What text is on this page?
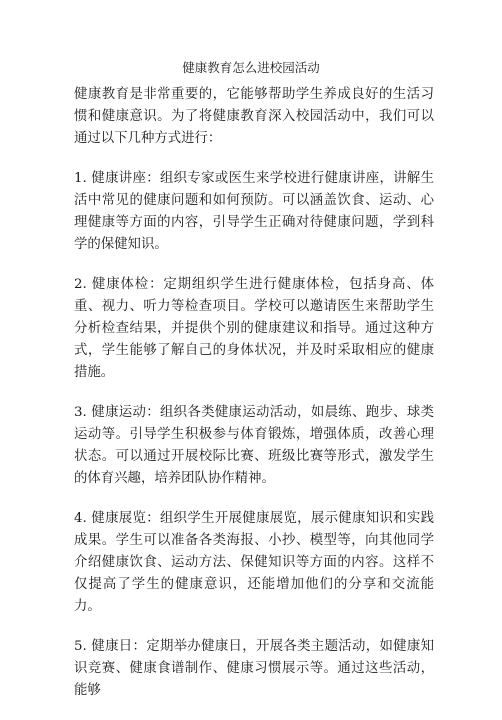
健康教育怎么进校园活动

健康教育是非常重要的，它能够帮助学生养成良好的生活习惯和健康意识。为了将健康教育深入校园活动中，我们可以通过以下几种方式进行：

1. 健康讲座：组织专家或医生来学校进行健康讲座，讲解生活中常见的健康问题和如何预防。可以涵盖饮食、运动、心理健康等方面的内容，引导学生正确对待健康问题，学到科学的保健知识。

2. 健康体检：定期组织学生进行健康体检，包括身高、体重、视力、听力等检查项目。学校可以邀请医生来帮助学生分析检查结果，并提供个别的健康建议和指导。通过这种方式，学生能够了解自己的身体状况，并及时采取相应的健康措施。

3. 健康运动：组织各类健康运动活动，如晨练、跑步、球类运动等。引导学生积极参与体育锻炼，增强体质，改善心理状态。可以通过开展校际比赛、班级比赛等形式，激发学生的体育兴趣，培养团队协作精神。

4. 健康展览：组织学生开展健康展览，展示健康知识和实践成果。学生可以准备各类海报、小抄、模型等，向其他同学介绍健康饮食、运动方法、保健知识等方面的内容。这样不仅提高了学生的健康意识，还能增加他们的分享和交流能力。

5. 健康日：定期举办健康日，开展各类主题活动，如健康知识竞赛、健康食谱制作、健康习惯展示等。通过这些活动，能够
